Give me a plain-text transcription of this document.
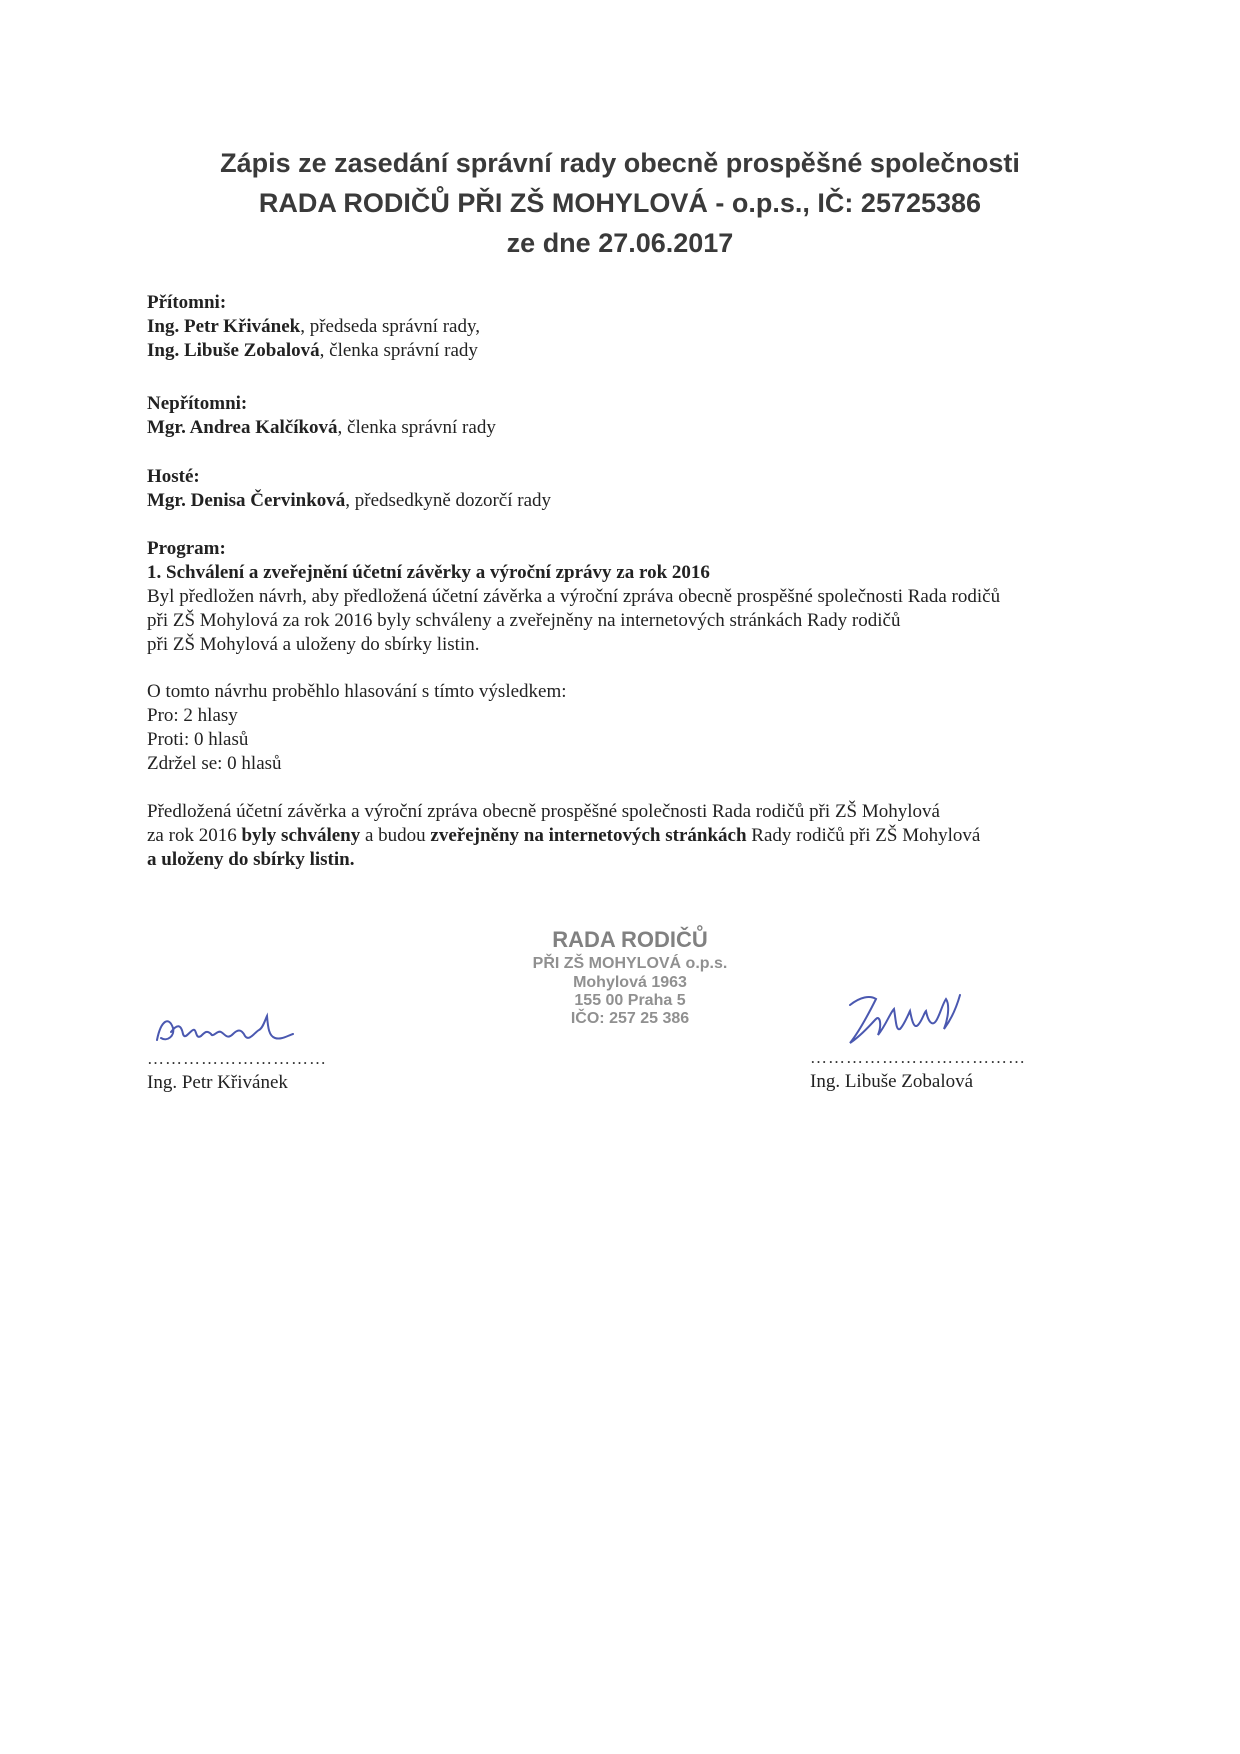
Zápis ze zasedání správní rady obecně prospěšné společnosti
RADA RODIČŮ PŘI ZŠ MOHYLOVÁ - o.p.s., IČ: 25725386
ze dne 27.06.2017
Přítomni:
Ing. Petr Křivánek, předseda správní rady,
Ing. Libuše Zobalová, členka správní rady
Nepřítomni:
Mgr. Andrea Kalčíková, členka správní rady
Hosté:
Mgr. Denisa Červinková, předsedkyně dozorčí rady
Program:
1. Schválení a zveřejnění účetní závěrky a výroční zprávy za rok 2016
Byl předložen návrh, aby předložená účetní závěrka a výroční zpráva obecně prospěšné společnosti Rada rodičů
při ZŠ Mohylová za rok 2016 byly schváleny a zveřejněny na internetových stránkách Rady rodičů
při ZŠ Mohylová a uloženy do sbírky listin.
O tomto návrhu proběhlo hlasování s tímto výsledkem:
Pro: 2 hlasy
Proti: 0 hlasů
Zdržel se: 0 hlasů
Předložená účetní závěrka a výroční zpráva obecně prospěšné společnosti Rada rodičů při ZŠ Mohylová
za rok 2016 byly schváleny a budou zveřejněny na internetových stránkách Rady rodičů při ZŠ Mohylová
a uloženy do sbírky listin.
RADA RODIČŮ
PŘI ZŠ MOHYLOVÁ o.p.s.
Mohylová 1963
155 00 Praha 5
IČO: 257 25 386
…………………………
Ing. Petr Křivánek
………………………………
Ing. Libuše Zobalová
